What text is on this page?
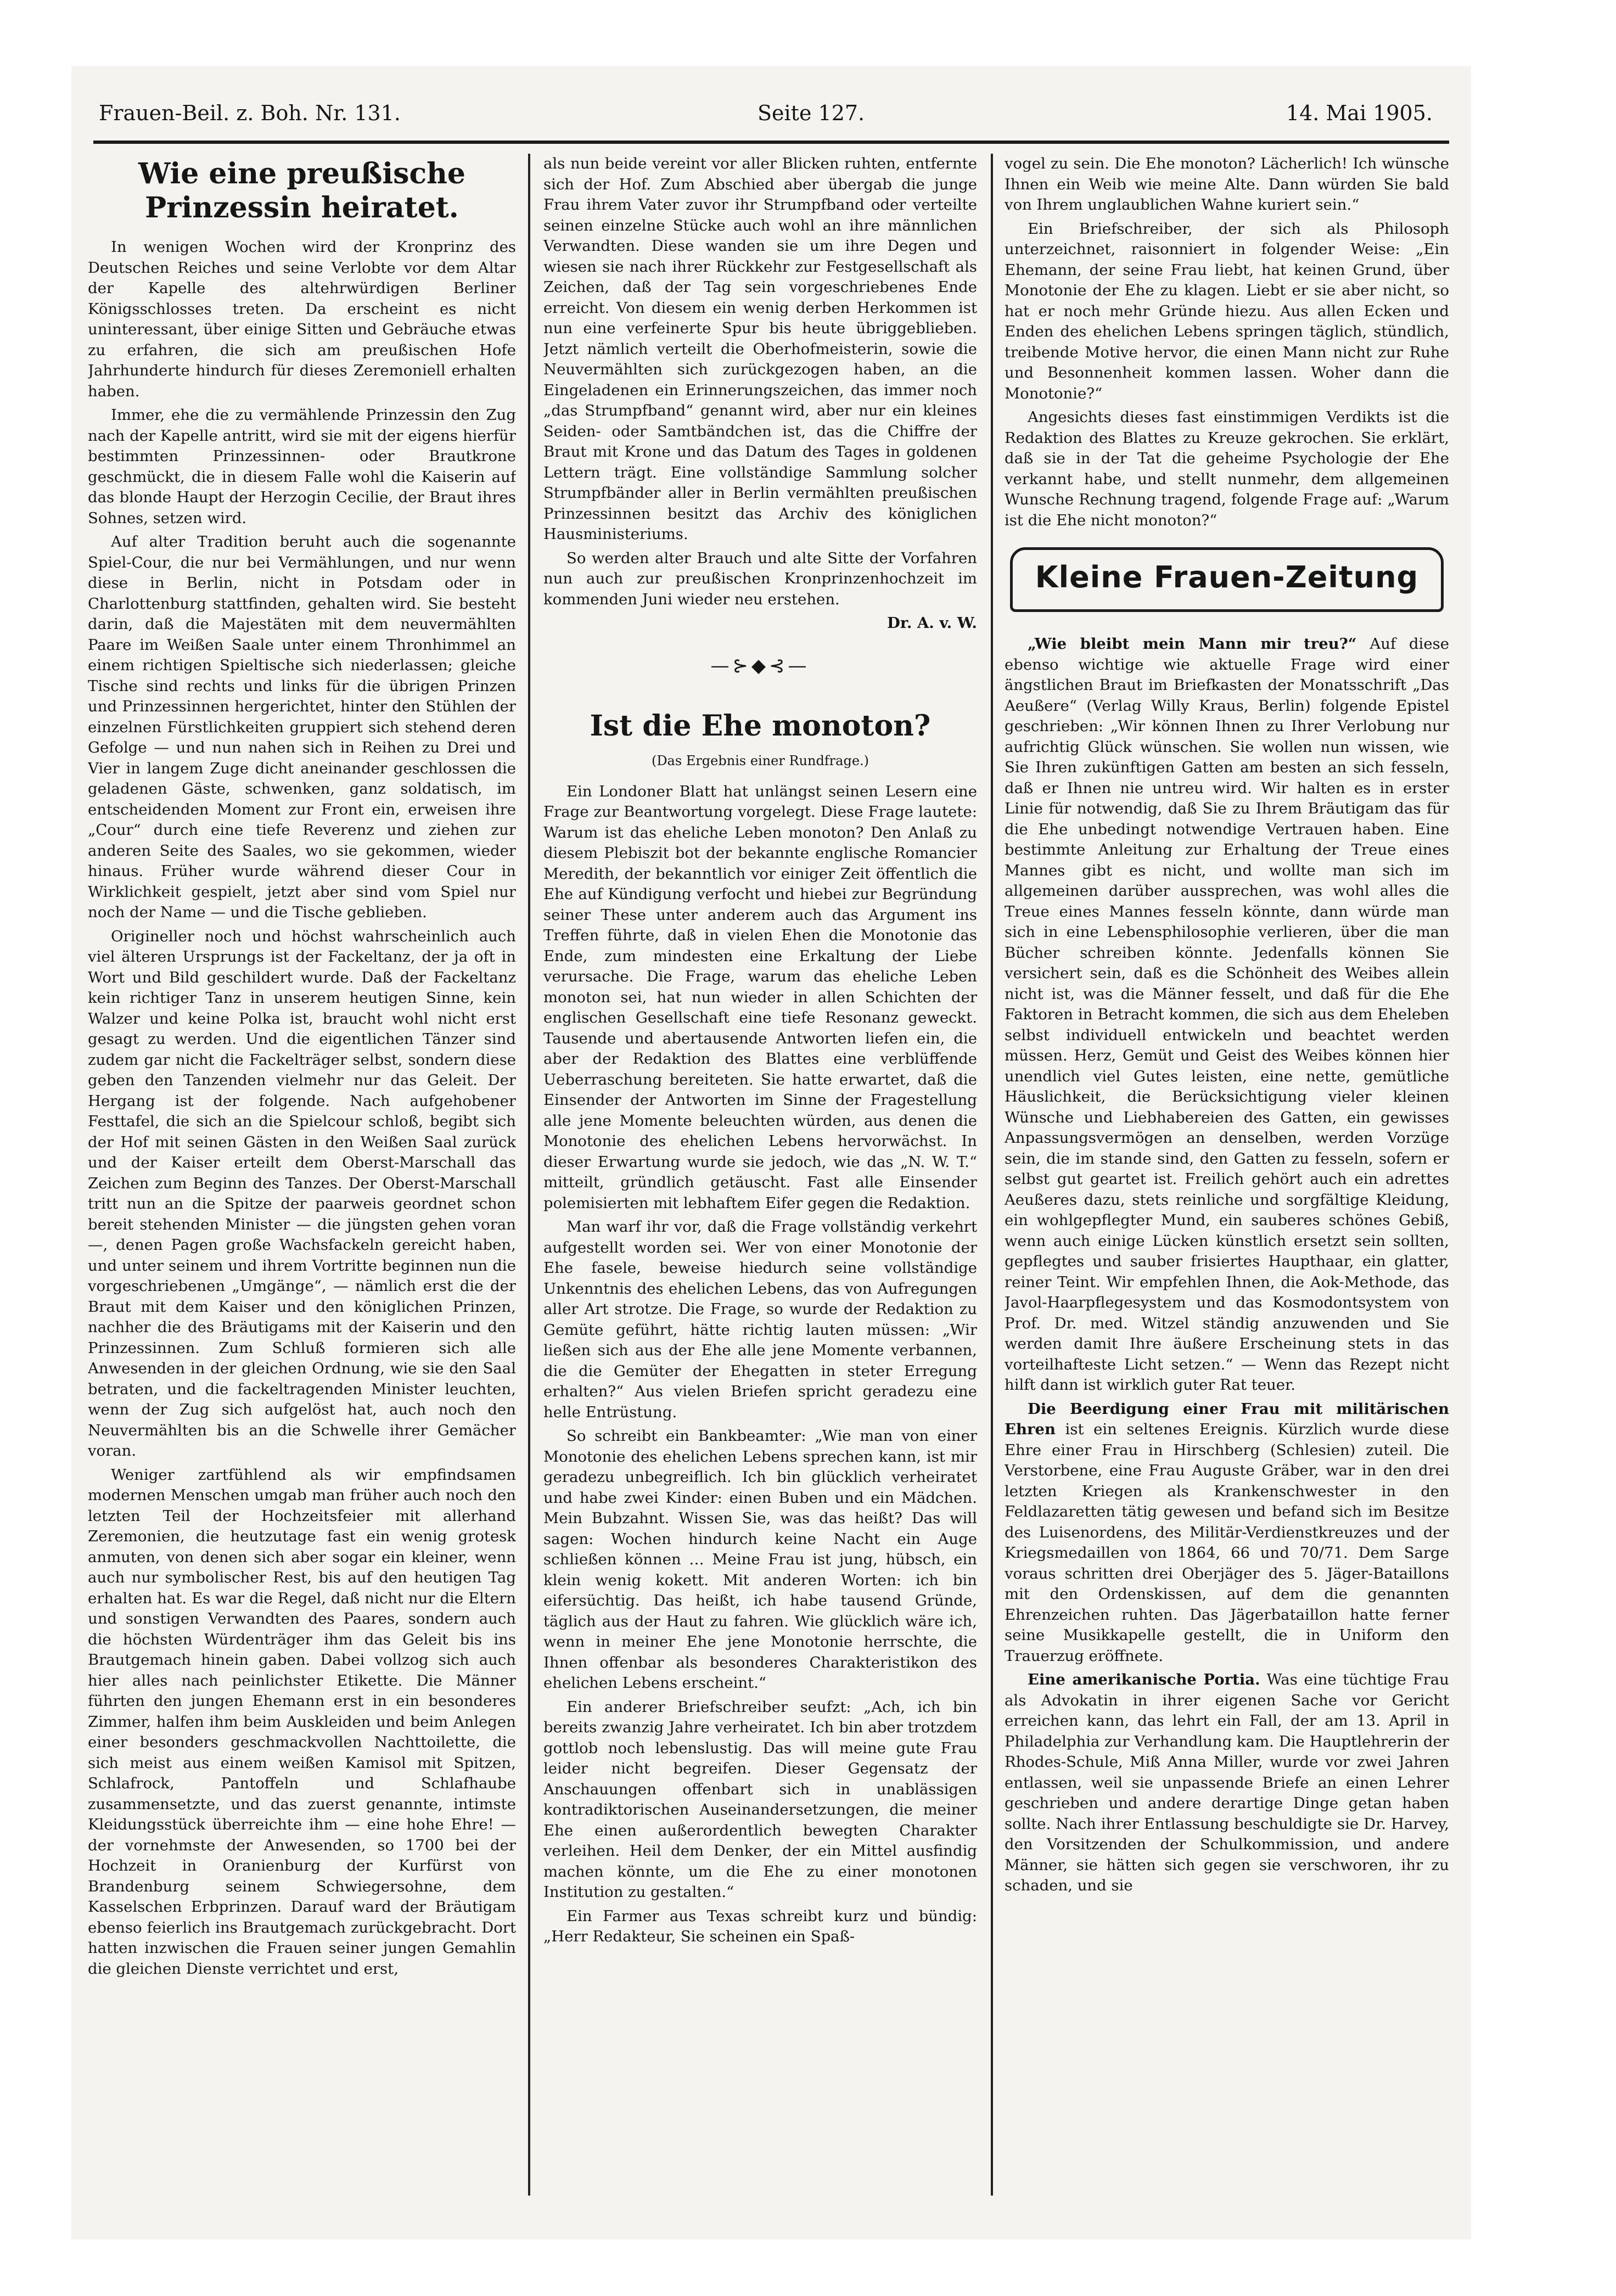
Frauen-Beil. z. Boh. Nr. 131.	Seite 127.	14. Mai 1905.
Wie eine preußische Prinzessin heiratet.

In wenigen Wochen wird der Kronprinz des Deutschen Reiches und seine Verlobte vor dem Altar der Kapelle des altehrwürdigen Berliner Königsschlosses treten. Da erscheint es nicht uninteressant, über einige Sitten und Gebräuche etwas zu erfahren, die sich am preußischen Hofe Jahrhunderte hindurch für dieses Zeremoniell erhalten haben.

Immer, ehe die zu vermählende Prinzessin den Zug nach der Kapelle antritt, wird sie mit der eigens hierfür bestimmten Prinzessinnen- oder Brautkrone geschmückt, die in diesem Falle wohl die Kaiserin auf das blonde Haupt der Herzogin Cecilie, der Braut ihres Sohnes, setzen wird.

Auf alter Tradition beruht auch die sogenannte Spiel-Cour, die nur bei Vermählungen, und nur wenn diese in Berlin, nicht in Potsdam oder in Charlottenburg stattfinden, gehalten wird. Sie besteht darin, daß die Majestäten mit dem neuvermählten Paare im Weißen Saale unter einem Thronhimmel an einem richtigen Spieltische sich niederlassen; gleiche Tische sind rechts und links für die übrigen Prinzen und Prinzessinnen hergerichtet, hinter den Stühlen der einzelnen Fürstlichkeiten gruppiert sich stehend deren Gefolge — und nun nahen sich in Reihen zu Drei und Vier in langem Zuge dicht aneinander geschlossen die geladenen Gäste, schwenken, ganz soldatisch, im entscheidenden Moment zur Front ein, erweisen ihre „Cour“ durch eine tiefe Reverenz und ziehen zur anderen Seite des Saales, wo sie gekommen, wieder hinaus. Früher wurde während dieser Cour in Wirklichkeit gespielt, jetzt aber sind vom Spiel nur noch der Name — und die Tische geblieben.

Origineller noch und höchst wahrscheinlich auch viel älteren Ursprungs ist der Fackeltanz, der ja oft in Wort und Bild geschildert wurde. Daß der Fackeltanz kein richtiger Tanz in unserem heutigen Sinne, kein Walzer und keine Polka ist, braucht wohl nicht erst gesagt zu werden. Und die eigentlichen Tänzer sind zudem gar nicht die Fackelträger selbst, sondern diese geben den Tanzenden vielmehr nur das Geleit. Der Hergang ist der folgende. Nach aufgehobener Festtafel, die sich an die Spielcour schloß, begibt sich der Hof mit seinen Gästen in den Weißen Saal zurück und der Kaiser erteilt dem Oberst-Marschall das Zeichen zum Beginn des Tanzes. Der Oberst-Marschall tritt nun an die Spitze der paarweis geordnet schon bereit stehenden Minister — die jüngsten gehen voran —, denen Pagen große Wachsfackeln gereicht haben, und unter seinem und ihrem Vortritte beginnen nun die vorgeschriebenen „Umgänge“, — nämlich erst die der Braut mit dem Kaiser und den königlichen Prinzen, nachher die des Bräutigams mit der Kaiserin und den Prinzessinnen. Zum Schluß formieren sich alle Anwesenden in der gleichen Ordnung, wie sie den Saal betraten, und die fackeltragenden Minister leuchten, wenn der Zug sich aufgelöst hat, auch noch den Neuvermählten bis an die Schwelle ihrer Gemächer voran.

Weniger zartfühlend als wir empfindsamen modernen Menschen umgab man früher auch noch den letzten Teil der Hochzeitsfeier mit allerhand Zeremonien, die heutzutage fast ein wenig grotesk anmuten, von denen sich aber sogar ein kleiner, wenn auch nur symbolischer Rest, bis auf den heutigen Tag erhalten hat. Es war die Regel, daß nicht nur die Eltern und sonstigen Verwandten des Paares, sondern auch die höchsten Würdenträger ihm das Geleit bis ins Brautgemach hinein gaben. Dabei vollzog sich auch hier alles nach peinlichster Etikette. Die Männer führten den jungen Ehemann erst in ein besonderes Zimmer, halfen ihm beim Auskleiden und beim Anlegen einer besonders geschmackvollen Nachttoilette, die sich meist aus einem weißen Kamisol mit Spitzen, Schlafrock, Pantoffeln und Schlafhaube zusammensetzte, und das zuerst genannte, intimste Kleidungsstück überreichte ihm — eine hohe Ehre! — der vornehmste der Anwesenden, so 1700 bei der Hochzeit in Oranienburg der Kurfürst von Brandenburg seinem Schwiegersohne, dem Kasselschen Erbprinzen. Darauf ward der Bräutigam ebenso feierlich ins Brautgemach zurückgebracht. Dort hatten inzwischen die Frauen seiner jungen Gemahlin die gleichen Dienste verrichtet und erst,

als nun beide vereint vor aller Blicken ruhten, entfernte sich der Hof. Zum Abschied aber übergab die junge Frau ihrem Vater zuvor ihr Strumpfband oder verteilte seinen einzelne Stücke auch wohl an ihre männlichen Verwandten. Diese wanden sie um ihre Degen und wiesen sie nach ihrer Rückkehr zur Festgesellschaft als Zeichen, daß der Tag sein vorgeschriebenes Ende erreicht. Von diesem ein wenig derben Herkommen ist nun eine verfeinerte Spur bis heute übriggeblieben. Jetzt nämlich verteilt die Oberhofmeisterin, sowie die Neuvermählten sich zurückgezogen haben, an die Eingeladenen ein Erinnerungszeichen, das immer noch „das Strumpfband“ genannt wird, aber nur ein kleines Seiden- oder Samtbändchen ist, das die Chiffre der Braut mit Krone und das Datum des Tages in goldenen Lettern trägt. Eine vollständige Sammlung solcher Strumpfbänder aller in Berlin vermählten preußischen Prinzessinnen besitzt das Archiv des königlichen Hausministeriums.

So werden alter Brauch und alte Sitte der Vorfahren nun auch zur preußischen Kronprinzenhochzeit im kommenden Juni wieder neu erstehen.

Dr. A. v. W.
—⊱◆⊰—
Ist die Ehe monoton?
(Das Ergebnis einer Rundfrage.)

Ein Londoner Blatt hat unlängst seinen Lesern eine Frage zur Beantwortung vorgelegt. Diese Frage lautete: Warum ist das eheliche Leben monoton? Den Anlaß zu diesem Plebiszit bot der bekannte englische Romancier Meredith, der bekanntlich vor einiger Zeit öffentlich die Ehe auf Kündigung verfocht und hiebei zur Begründung seiner These unter anderem auch das Argument ins Treffen führte, daß in vielen Ehen die Monotonie das Ende, zum mindesten eine Erkaltung der Liebe verursache. Die Frage, warum das eheliche Leben monoton sei, hat nun wieder in allen Schichten der englischen Gesellschaft eine tiefe Resonanz geweckt. Tausende und abertausende Antworten liefen ein, die aber der Redaktion des Blattes eine verblüffende Ueberraschung bereiteten. Sie hatte erwartet, daß die Einsender der Antworten im Sinne der Fragestellung alle jene Momente beleuchten würden, aus denen die Monotonie des ehelichen Lebens hervorwächst. In dieser Erwartung wurde sie jedoch, wie das „N. W. T.“ mitteilt, gründlich getäuscht. Fast alle Einsender polemisierten mit lebhaftem Eifer gegen die Redaktion.

Man warf ihr vor, daß die Frage vollständig verkehrt aufgestellt worden sei. Wer von einer Monotonie der Ehe fasele, beweise hiedurch seine vollständige Unkenntnis des ehelichen Lebens, das von Aufregungen aller Art strotze. Die Frage, so wurde der Redaktion zu Gemüte geführt, hätte richtig lauten müssen: „Wir ließen sich aus der Ehe alle jene Momente verbannen, die die Gemüter der Ehegatten in steter Erregung erhalten?“ Aus vielen Briefen spricht geradezu eine helle Entrüstung.

So schreibt ein Bankbeamter: „Wie man von einer Monotonie des ehelichen Lebens sprechen kann, ist mir geradezu unbegreiflich. Ich bin glücklich verheiratet und habe zwei Kinder: einen Buben und ein Mädchen. Mein Bubzahnt. Wissen Sie, was das heißt? Das will sagen: Wochen hindurch keine Nacht ein Auge schließen können … Meine Frau ist jung, hübsch, ein klein wenig kokett. Mit anderen Worten: ich bin eifersüchtig. Das heißt, ich habe tausend Gründe, täglich aus der Haut zu fahren. Wie glücklich wäre ich, wenn in meiner Ehe jene Monotonie herrschte, die Ihnen offenbar als besonderes Charakteristikon des ehelichen Lebens erscheint.“

Ein anderer Briefschreiber seufzt: „Ach, ich bin bereits zwanzig Jahre verheiratet. Ich bin aber trotzdem gottlob noch lebenslustig. Das will meine gute Frau leider nicht begreifen. Dieser Gegensatz der Anschauungen offenbart sich in unablässigen kontradiktorischen Auseinandersetzungen, die meiner Ehe einen außerordentlich bewegten Charakter verleihen. Heil dem Denker, der ein Mittel ausfindig machen könnte, um die Ehe zu einer monotonen Institution zu gestalten.“

Ein Farmer aus Texas schreibt kurz und bündig: „Herr Redakteur, Sie scheinen ein Spaß-

vogel zu sein. Die Ehe monoton? Lächerlich! Ich wünsche Ihnen ein Weib wie meine Alte. Dann würden Sie bald von Ihrem unglaublichen Wahne kuriert sein.“

Ein Briefschreiber, der sich als Philosoph unterzeichnet, raisonniert in folgender Weise: „Ein Ehemann, der seine Frau liebt, hat keinen Grund, über Monotonie der Ehe zu klagen. Liebt er sie aber nicht, so hat er noch mehr Gründe hiezu. Aus allen Ecken und Enden des ehelichen Lebens springen täglich, stündlich, treibende Motive hervor, die einen Mann nicht zur Ruhe und Besonnenheit kommen lassen. Woher dann die Monotonie?“

Angesichts dieses fast einstimmigen Verdikts ist die Redaktion des Blattes zu Kreuze gekrochen. Sie erklärt, daß sie in der Tat die geheime Psychologie der Ehe verkannt habe, und stellt nunmehr, dem allgemeinen Wunsche Rechnung tragend, folgende Frage auf: „Warum ist die Ehe nicht monoton?“

Kleine Frauen-Zeitung

„Wie bleibt mein Mann mir treu?“ Auf diese ebenso wichtige wie aktuelle Frage wird einer ängstlichen Braut im Briefkasten der Monatsschrift „Das Aeußere“ (Verlag Willy Kraus, Berlin) folgende Epistel geschrieben: „Wir können Ihnen zu Ihrer Verlobung nur aufrichtig Glück wünschen. Sie wollen nun wissen, wie Sie Ihren zukünftigen Gatten am besten an sich fesseln, daß er Ihnen nie untreu wird. Wir halten es in erster Linie für notwendig, daß Sie zu Ihrem Bräutigam das für die Ehe unbedingt notwendige Vertrauen haben. Eine bestimmte Anleitung zur Erhaltung der Treue eines Mannes gibt es nicht, und wollte man sich im allgemeinen darüber aussprechen, was wohl alles die Treue eines Mannes fesseln könnte, dann würde man sich in eine Lebensphilosophie verlieren, über die man Bücher schreiben könnte. Jedenfalls können Sie versichert sein, daß es die Schönheit des Weibes allein nicht ist, was die Männer fesselt, und daß für die Ehe Faktoren in Betracht kommen, die sich aus dem Eheleben selbst individuell entwickeln und beachtet werden müssen. Herz, Gemüt und Geist des Weibes können hier unendlich viel Gutes leisten, eine nette, gemütliche Häuslichkeit, die Berücksichtigung vieler kleinen Wünsche und Liebhabereien des Gatten, ein gewisses Anpassungsvermögen an denselben, werden Vorzüge sein, die im stande sind, den Gatten zu fesseln, sofern er selbst gut geartet ist. Freilich gehört auch ein adrettes Aeußeres dazu, stets reinliche und sorgfältige Kleidung, ein wohlgepflegter Mund, ein sauberes schönes Gebiß, wenn auch einige Lücken künstlich ersetzt sein sollten, gepflegtes und sauber frisiertes Haupthaar, ein glatter, reiner Teint. Wir empfehlen Ihnen, die Aok-Methode, das Javol-Haarpflegesystem und das Kosmodontsystem von Prof. Dr. med. Witzel ständig anzuwenden und Sie werden damit Ihre äußere Erscheinung stets in das vorteilhafteste Licht setzen.“ — Wenn das Rezept nicht hilft dann ist wirklich guter Rat teuer.

Die Beerdigung einer Frau mit militärischen Ehren ist ein seltenes Ereignis. Kürzlich wurde diese Ehre einer Frau in Hirschberg (Schlesien) zuteil. Die Verstorbene, eine Frau Auguste Gräber, war in den drei letzten Kriegen als Krankenschwester in den Feldlazaretten tätig gewesen und befand sich im Besitze des Luisenordens, des Militär-Verdienstkreuzes und der Kriegsmedaillen von 1864, 66 und 70/71. Dem Sarge voraus schritten drei Oberjäger des 5. Jäger-Bataillons mit den Ordenskissen, auf dem die genannten Ehrenzeichen ruhten. Das Jägerbataillon hatte ferner seine Musikkapelle gestellt, die in Uniform den Trauerzug eröffnete.

Eine amerikanische Portia. Was eine tüchtige Frau als Advokatin in ihrer eigenen Sache vor Gericht erreichen kann, das lehrt ein Fall, der am 13. April in Philadelphia zur Verhandlung kam. Die Hauptlehrerin der Rhodes-Schule, Miß Anna Miller, wurde vor zwei Jahren entlassen, weil sie unpassende Briefe an einen Lehrer geschrieben und andere derartige Dinge getan haben sollte. Nach ihrer Entlassung beschuldigte sie Dr. Harvey, den Vorsitzenden der Schulkommission, und andere Männer, sie hätten sich gegen sie verschworen, ihr zu schaden, und sie
